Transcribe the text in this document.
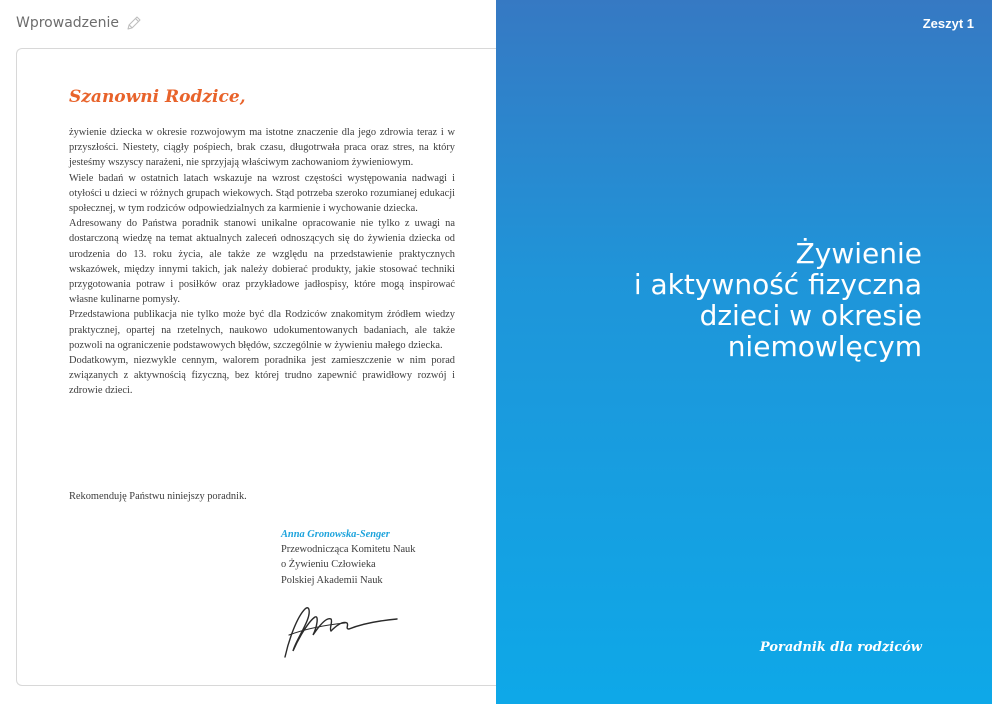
Wprowadzenie
Szanowni Rodzice,

żywienie dziecka w okresie rozwojowym ma istotne znaczenie dla jego zdrowia teraz i w przyszłości. Niestety, ciągły pośpiech, brak czasu, długotrwała praca oraz stres, na który jesteśmy wszyscy narażeni, nie sprzyjają właściwym zachowaniom żywieniowym.

Wiele badań w ostatnich latach wskazuje na wzrost częstości występowania nadwagi i otyłości u dzieci w różnych grupach wiekowych. Stąd potrzeba szeroko rozumianej edukacji społecznej, w tym rodziców odpowiedzialnych za karmienie i wychowanie dziecka.

Adresowany do Państwa poradnik stanowi unikalne opracowanie nie tylko z uwagi na dostarczoną wiedzę na temat aktualnych zaleceń odnoszących się do żywienia dziecka od urodzenia do 13. roku życia, ale także ze względu na przedstawienie praktycznych wskazówek, między innymi takich, jak należy dobierać produkty, jakie stosować techniki przygotowania potraw i posiłków oraz przykładowe jadłospisy, które mogą inspirować własne kulinarne pomysły.

Przedstawiona publikacja nie tylko może być dla Rodziców znakomitym źródłem wiedzy praktycznej, opartej na rzetelnych, naukowo udokumentowanych badaniach, ale także pozwoli na ograniczenie podstawowych błędów, szczególnie w żywieniu małego dziecka.

Dodatkowym, niezwykle cennym, walorem poradnika jest zamieszczenie w nim porad związanych z aktywnością fizyczną, bez której trudno zapewnić prawidłowy rozwój i zdrowie dzieci.

Rekomenduję Państwu niniejszy poradnik.
Anna Gronowska-Senger
Przewodnicząca Komitetu Nauk
o Żywieniu Człowieka
Polskiej Akademii Nauk
Zeszyt 1
Żywienie
i aktywność fizyczna
dzieci w okresie
niemowlęcym
Poradnik dla rodziców
